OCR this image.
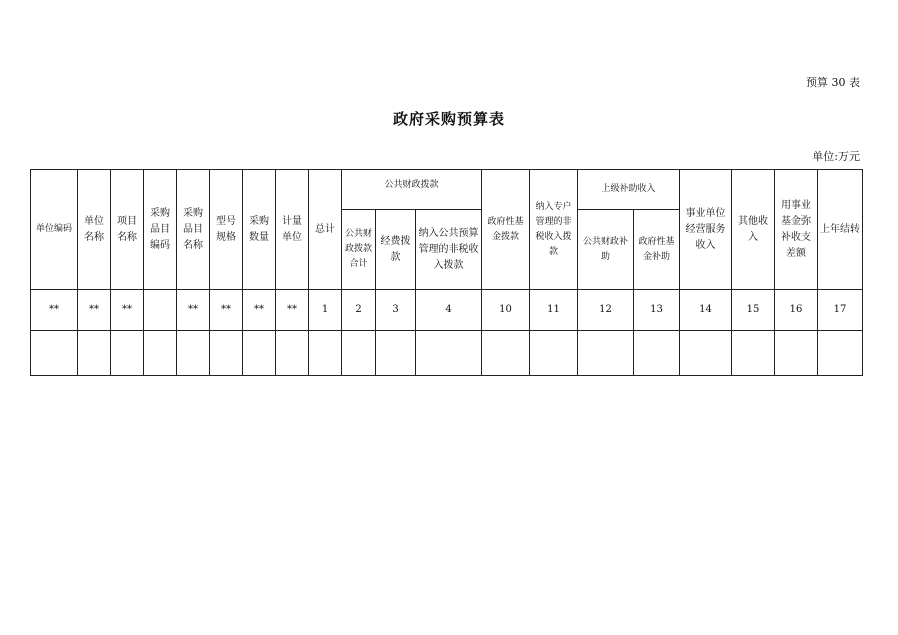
预算 30 表
政府采购预算表
单位:万元
单位编码	单位名称	项目名称	采购品目编码	采购品目名称	型号规格	采购数量	计量单位	总计	公共财政拨款			政府性基金拨款	纳入专户管理的非税收入拨款	上级补助收入		事业单位经营服务收入	其他收入	用事业基金弥补收支差额	上年结转

									公共财政拨款合计	经费拨款	纳入公共预算管理的非税收入拨款			公共财政补助	政府性基金补助				
**	**	**		**	**	**	**	1	2	3	4	10	11	12	13	14	15	16	17
